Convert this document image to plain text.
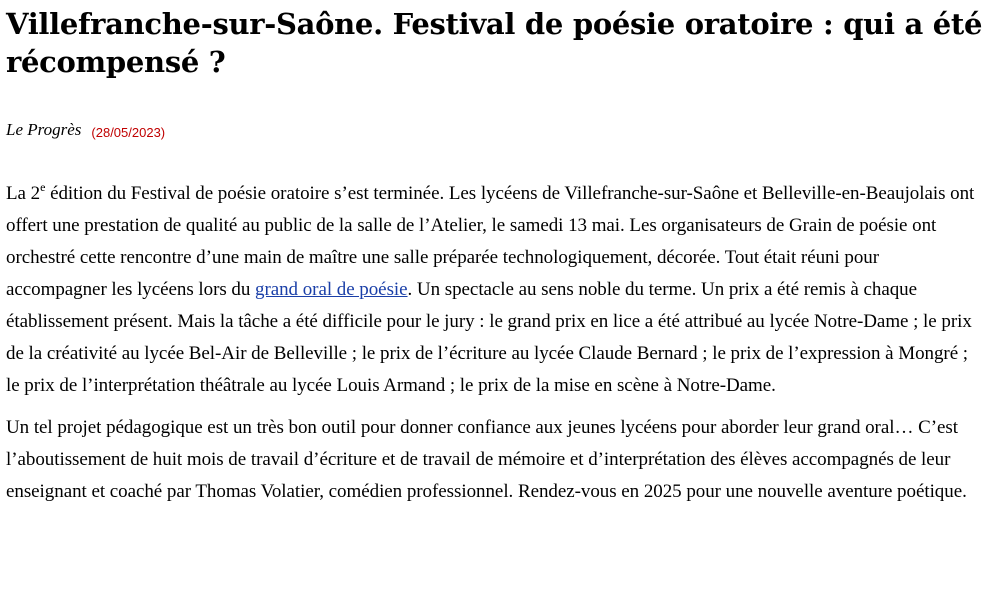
Villefranche-sur-Saône. Festival de poésie oratoire : qui a été récompensé ?
Le Progrès (28/05/2023)

La 2e édition du Festival de poésie oratoire s’est terminée. Les lycéens de Villefranche-sur-Saône et Belleville-en-Beaujolais ont offert une prestation de qualité au public de la salle de l’Atelier, le samedi 13 mai. Les organisateurs de Grain de poésie ont orchestré cette rencontre d’une main de maître une salle préparée technologiquement, décorée. Tout était réuni pour accompagner les lycéens lors du grand oral de poésie. Un spectacle au sens noble du terme. Un prix a été remis à chaque établissement présent. Mais la tâche a été difficile pour le jury : le grand prix en lice a été attribué au lycée Notre-Dame ; le prix de la créativité au lycée Bel-Air de Belleville ; le prix de l’écriture au lycée Claude Bernard ; le prix de l’expression à Mongré ; le prix de l’interprétation théâtrale au lycée Louis Armand ; le prix de la mise en scène à Notre-Dame.

Un tel projet pédagogique est un très bon outil pour donner confiance aux jeunes lycéens pour aborder leur grand oral… C’est l’aboutissement de huit mois de travail d’écriture et de travail de mémoire et d’interprétation des élèves accompagnés de leur enseignant et coaché par Thomas Volatier, comédien professionnel. Rendez-vous en 2025 pour une nouvelle aventure poétique.
